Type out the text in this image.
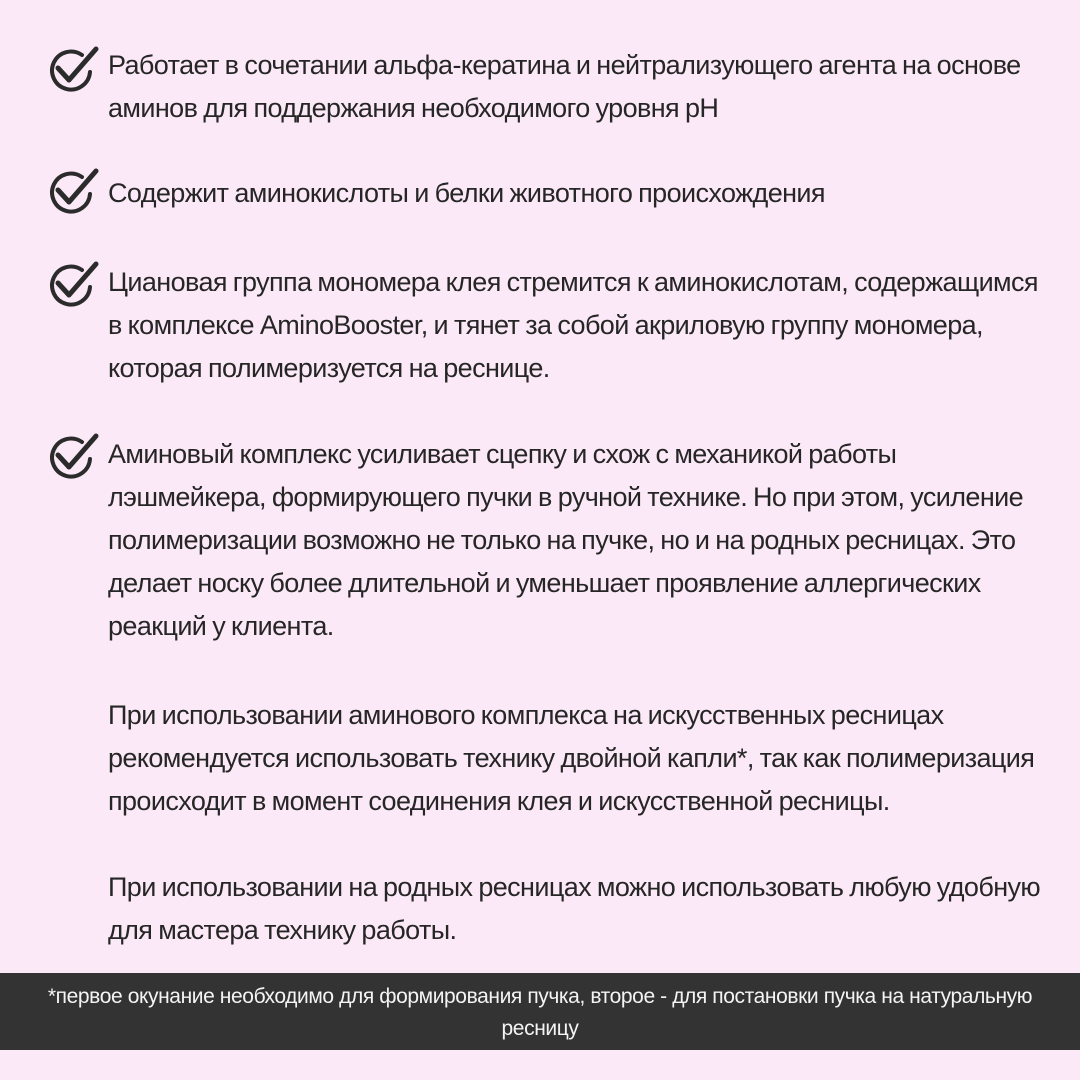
Работает в сочетании альфа-кератина и нейтрализующего агента на основе аминов для поддержания необходимого уровня pH
Содержит аминокислоты и белки животного происхождения
Циановая группа мономера клея стремится к аминокислотам, содержащимся в комплексе AminoBooster, и тянет за собой акриловую группу мономера, которая полимеризуется на реснице.
Аминовый комплекс усиливает сцепку и схож с механикой работы лэшмейкера, формирующего пучки в ручной технике. Но при этом, усиление полимеризации возможно не только на пучке, но и на родных ресницах. Это делает носку более длительной и уменьшает проявление аллергических реакций у клиента.
При использовании аминового комплекса на искусственных ресницах рекомендуется использовать технику двойной капли*, так как полимеризация происходит в момент соединения клея и искусственной ресницы.
При использовании на родных ресницах можно использовать любую удобную для мастера технику работы.
*первое окунание необходимо для формирования пучка, второе - для постановки пучка на натуральную ресницу
